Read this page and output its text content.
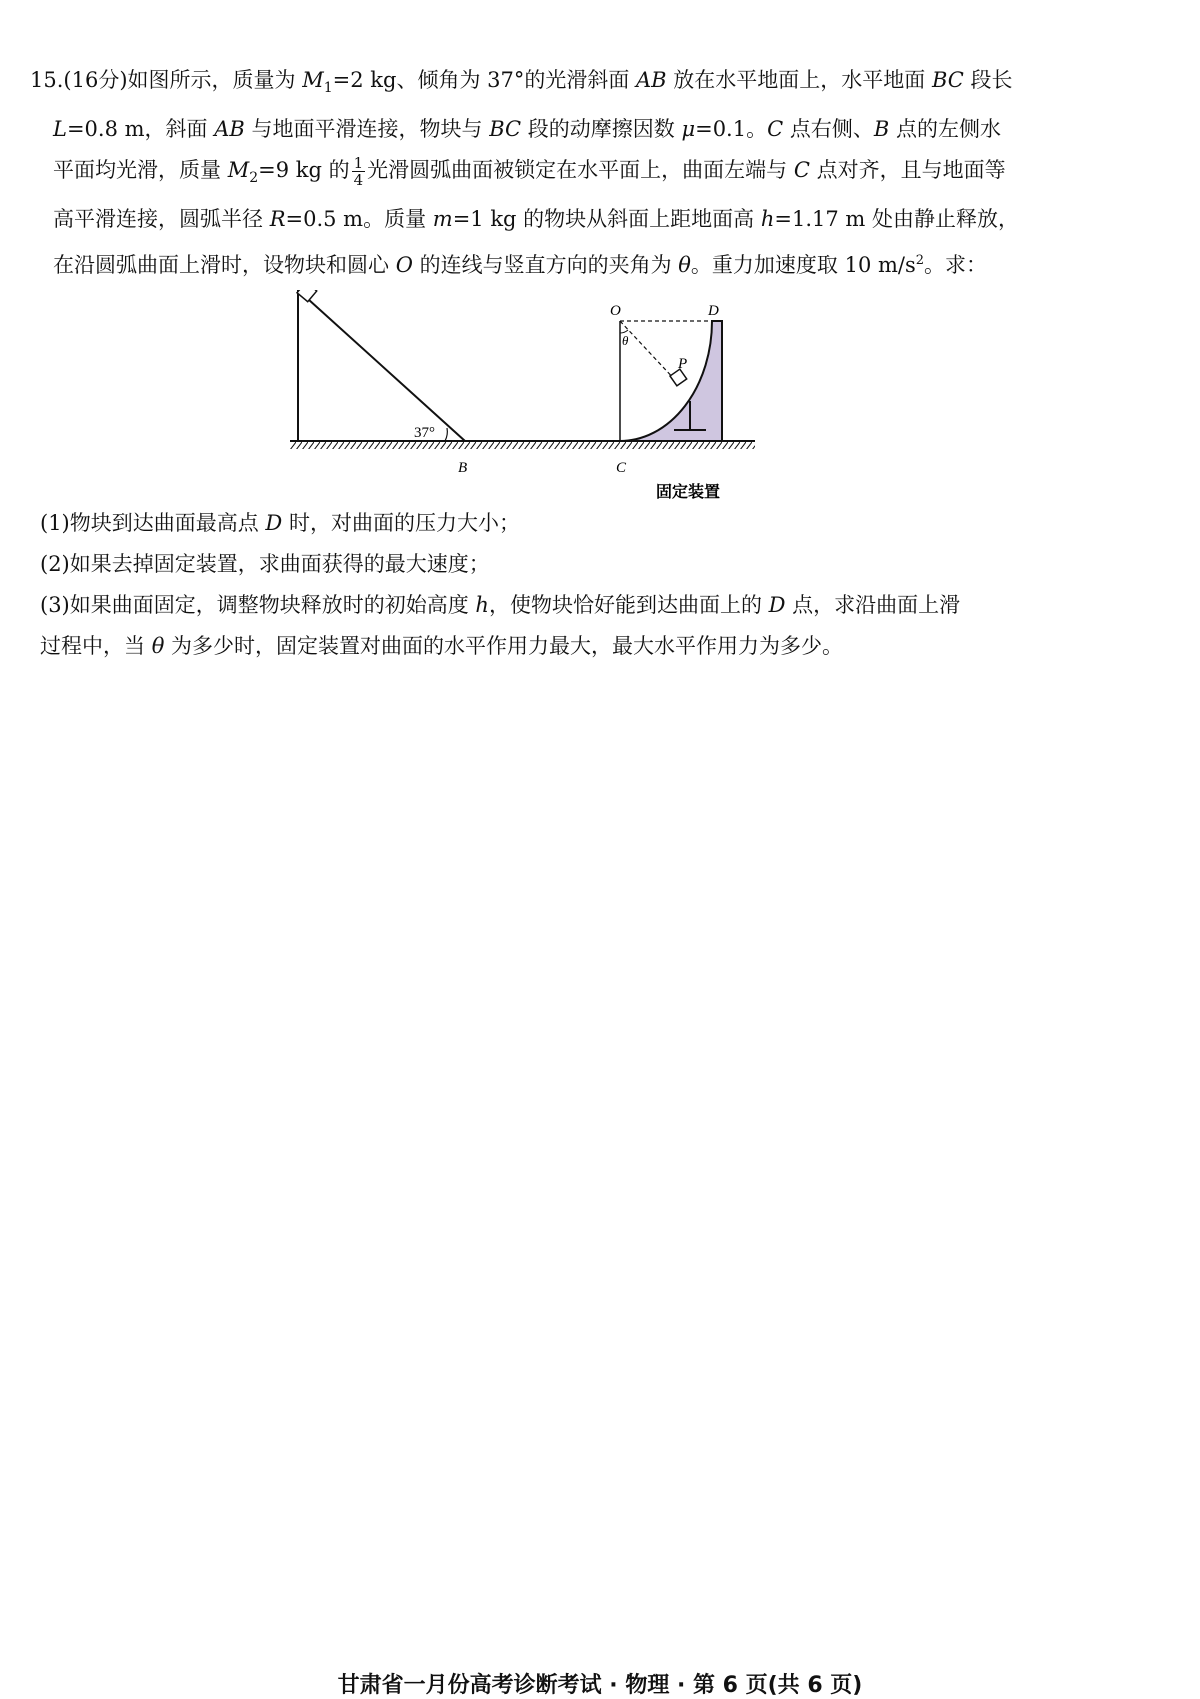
15.(16分)如图所示，质量为 $M_1=2$ kg、倾角为 37°的光滑斜面 AB 放在水平地面上，水平地面 BC 段长

L=0.8 m，斜面 AB 与地面平滑连接，物块与 BC 段的动摩擦因数 μ=0.1。C 点右侧、B 点的左侧水

平面均光滑，质量 $M_2=9$ kg 的 $\frac{1}{4}$ 光滑圆弧曲面被锁定在水平面上，曲面左端与 C 点对齐，且与地面等

高平滑连接，圆弧半径 R=0.5 m。质量 m=1 kg 的物块从斜面上距地面高 h=1.17 m 处由静止释放，

在沿圆弧曲面上滑时，设物块和圆心 O 的连线与竖直方向的夹角为 θ。重力加速度取 10 $m/s^2$。求：

37°
B	C
O	D
θ
P
固定装置

(1)物块到达曲面最高点 D 时，对曲面的压力大小；

(2)如果去掉固定装置，求曲面获得的最大速度；

(3)如果曲面固定，调整物块释放时的初始高度 h，使物块恰好能到达曲面上的 D 点，求沿曲面上滑

过程中，当 θ 为多少时，固定装置对曲面的水平作用力最大，最大水平作用力为多少。

甘肃省一月份高考诊断考试 · 物理 · 第 6 页(共 6 页)
